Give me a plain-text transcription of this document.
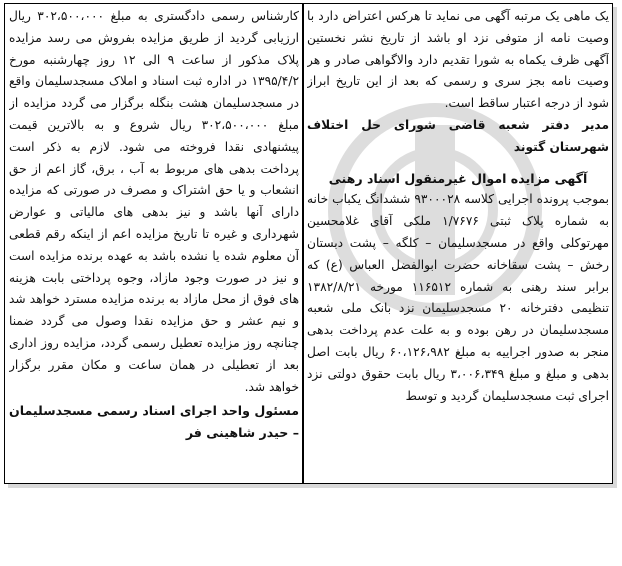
یک ماهی یک مرتبه آگهی می نماید تا هرکس اعتراض دارد با وصیت نامه از متوفی نزد او باشد از تاریخ نشر نخستین آگهی ظرف یکماه به شورا تقدیم دارد والاگواهی صادر و هر وصیت نامه بجز سری و رسمی که بعد از این تاریخ ابراز شود از درجه اعتبار ساقط است.

مدیر دفتر شعبه قاضی شورای حل اختلاف شهرستان گتوند

آگهی مزایده اموال غیرمنقول اسناد رهنی

بموجب پرونده اجرایی کلاسه ۹۳۰۰۰۲۸ ششدانگ یکباب خانه به شماره پلاک ثبتی ۱/۷۶۷۶ ملکی آقای غلامحسین مهرتوکلی واقع در مسجدسلیمان – کلگه – پشت دبستان رخش – پشت سقاخانه حضرت ابوالفضل العباس (ع) که برابر سند رهنی به شماره ۱۱۶۵۱۲ مورخه ۱۳۸۲/۸/۲۱ تنظیمی دفترخانه ۲۰ مسجدسلیمان نزد بانک ملی شعبه مسجدسلیمان در رهن بوده و به علت عدم پرداخت بدهی منجر به صدور اجراییه به مبلغ ۶۰،۱۲۶،۹۸۲ ریال بابت اصل بدهی و مبلغ و مبلغ ۳،۰۰۶،۳۴۹ ریال بابت حقوق دولتی نزد اجرای ثبت مسجدسلیمان گردید و توسط

کارشناس رسمی دادگستری به مبلغ ۳۰۲،۵۰۰،۰۰۰ ریال ارزیابی گردید از طریق مزایده بفروش می رسد مزایده پلاک مذکور از ساعت ۹ الی ۱۲ روز چهارشنبه مورخ ۱۳۹۵/۴/۲ در اداره ثبت اسناد و املاک مسجدسلیمان واقع در مسجدسلیمان هشت بنگله برگزار می گردد مزایده از مبلغ ۳۰۲،۵۰۰،۰۰۰ ریال شروع و به بالاترین قیمت پیشنهادی نقدا فروخته می شود. لازم به ذکر است پرداخت بدهی های مربوط به آب ، برق، گاز اعم از حق انشعاب و یا حق اشتراک و مصرف در صورتی که مزایده دارای آنها باشد و نیز بدهی های مالیاتی و عوارض شهرداری و غیره تا تاریخ مزایده اعم از اینکه رقم قطعی آن معلوم شده یا نشده باشد به عهده برنده مزایده است و نیز در صورت وجود مازاد، وجوه پرداختی بابت هزینه های فوق از محل مازاد به برنده مزایده مسترد خواهد شد و نیم عشر و حق مزایده نقدا وصول می گردد ضمنا چنانچه روز مزایده تعطیل رسمی گردد، مزایده روز اداری بعد از تعطیلی در همان ساعت و مکان مقرر برگزار خواهد شد.

مسئول واحد اجرای اسناد رسمی مسجدسلیمان – حیدر شاهینی فر
